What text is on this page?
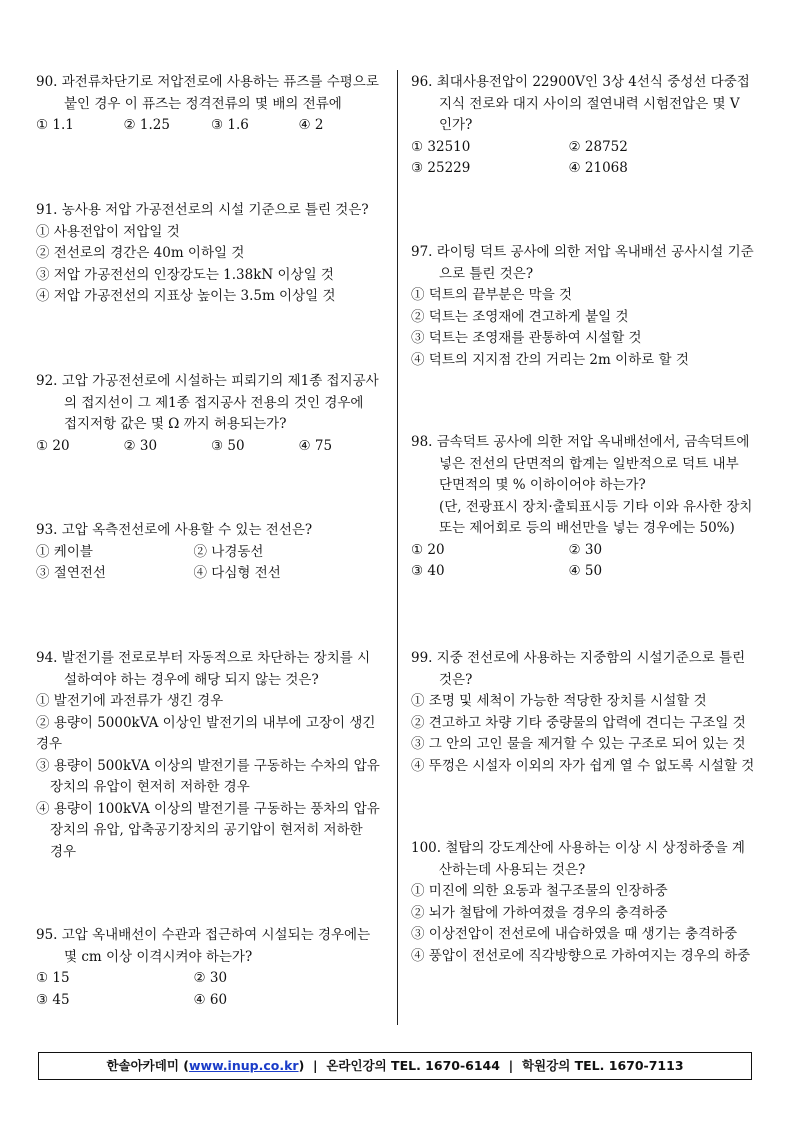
90. 과전류차단기로 저압전로에 사용하는 퓨즈를 수평으로

붙인 경우 이 퓨즈는 정격전류의 몇 배의 전류에

① 1.1	② 1.25	③ 1.6	④ 2

91. 농사용 저압 가공전선로의 시설 기준으로 틀린 것은?

① 사용전압이 저압일 것
② 전선로의 경간은 40m 이하일 것
③ 저압 가공전선의 인장강도는 1.38kN 이상일 것
④ 저압 가공전선의 지표상 높이는 3.5m 이상일 것

92. 고압 가공전선로에 시설하는 피뢰기의 제1종 접지공사

의 접지선이 그 제1종 접지공사 전용의 것인 경우에

접지저항 값은 몇 Ω 까지 허용되는가?

① 20	② 30	③ 50	④ 75

93. 고압 옥측전선로에 사용할 수 있는 전선은?

① 케이블	② 나경동선
③ 절연전선	④ 다심형 전선

94. 발전기를 전로로부터 자동적으로 차단하는 장치를 시

설하여야 하는 경우에 해당 되지 않는 것은?

① 발전기에 과전류가 생긴 경우
② 용량이 5000kVA 이상인 발전기의 내부에 고장이 생긴
경우
③ 용량이 500kVA 이상의 발전기를 구동하는 수차의 압유
장치의 유압이 현저히 저하한 경우
④ 용량이 100kVA 이상의 발전기를 구동하는 풍차의 압유
장치의 유압, 압축공기장치의 공기압이 현저히 저하한
경우

95. 고압 옥내배선이 수관과 접근하여 시설되는 경우에는

몇 cm 이상 이격시켜야 하는가?

① 15	② 30
③ 45	④ 60

96. 최대사용전압이 22900V인 3상 4선식 중성선 다중접

지식 전로와 대지 사이의 절연내력 시험전압은 몇 V

인가?

① 32510	② 28752
③ 25229	④ 21068

97. 라이팅 덕트 공사에 의한 저압 옥내배선 공사시설 기준

으로 틀린 것은?

① 덕트의 끝부분은 막을 것
② 덕트는 조영재에 견고하게 붙일 것
③ 덕트는 조영재를 관통하여 시설할 것
④ 덕트의 지지점 간의 거리는 2m 이하로 할 것

98. 금속덕트 공사에 의한 저압 옥내배선에서, 금속덕트에

넣은 전선의 단면적의 합계는 일반적으로 덕트 내부

단면적의 몇 % 이하이어야 하는가?

(단, 전광표시 장치·출퇴표시등 기타 이와 유사한 장치

또는 제어회로 등의 배선만을 넣는 경우에는 50%)

① 20	② 30
③ 40	④ 50

99. 지중 전선로에 사용하는 지중함의 시설기준으로 틀린

것은?

① 조명 및 세척이 가능한 적당한 장치를 시설할 것
② 견고하고 차량 기타 중량물의 압력에 견디는 구조일 것
③ 그 안의 고인 물을 제거할 수 있는 구조로 되어 있는 것
④ 뚜껑은 시설자 이외의 자가 쉽게 열 수 없도록 시설할 것

100. 철탑의 강도계산에 사용하는 이상 시 상정하중을 계

산하는데 사용되는 것은?

① 미진에 의한 요동과 철구조물의 인장하중
② 뇌가 철탑에 가하여졌을 경우의 충격하중
③ 이상전압이 전선로에 내습하였을 때 생기는 충격하중
④ 풍압이 전선로에 직각방향으로 가하여지는 경우의 하중
한솔아카데미 (www.inup.co.kr) | 온라인강의 TEL. 1670-6144 | 학원강의 TEL. 1670-7113
